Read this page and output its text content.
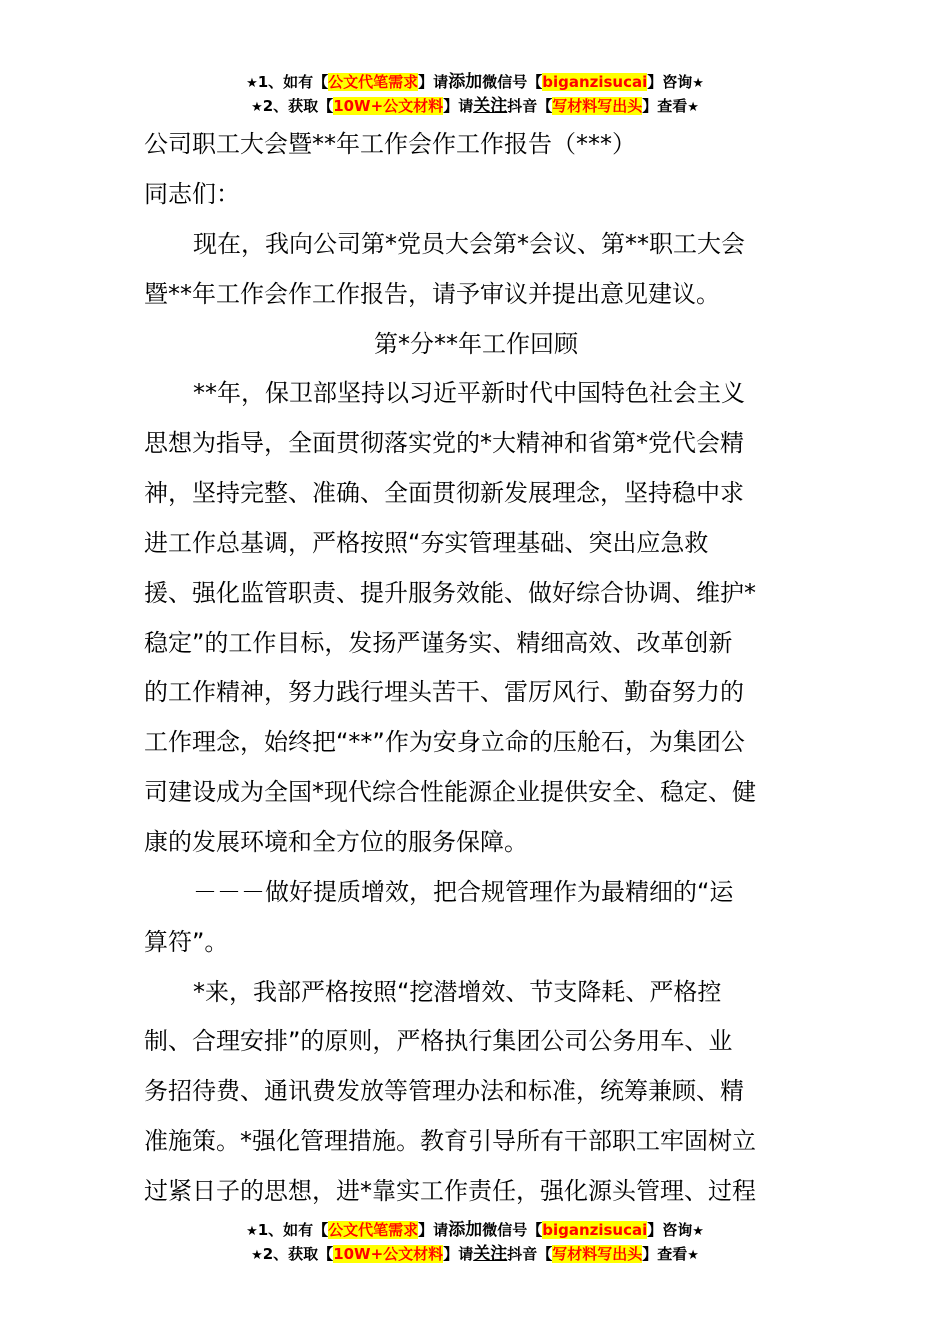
★1、如有【公文代笔需求】请添加微信号【biganzisucai】咨询★
★2、获取【10W+公文材料】请关注抖音【写材料写出头】查看★
公司职工大会暨**年工作会作工作报告（***）
同志们：
现在，我向公司第*党员大会第*会议、第**职工大会
暨**年工作会作工作报告，请予审议并提出意见建议。
第*分**年工作回顾
**年，保卫部坚持以习近平新时代中国特色社会主义
思想为指导，全面贯彻落实党的*大精神和省第*党代会精
神，坚持完整、准确、全面贯彻新发展理念，坚持稳中求
进工作总基调，严格按照“夯实管理基础、突出应急救
援、强化监管职责、提升服务效能、做好综合协调、维护*
稳定”的工作目标，发扬严谨务实、精细高效、改革创新
的工作精神，努力践行埋头苦干、雷厉风行、勤奋努力的
工作理念，始终把“**”作为安身立命的压舱石，为集团公
司建设成为全国*现代综合性能源企业提供安全、稳定、健
康的发展环境和全方位的服务保障。
－－－做好提质增效，把合规管理作为最精细的“运
算符”。
*来，我部严格按照“挖潜增效、节支降耗、严格控
制、合理安排”的原则，严格执行集团公司公务用车、业
务招待费、通讯费发放等管理办法和标准，统筹兼顾、精
准施策。*强化管理措施。教育引导所有干部职工牢固树立
过紧日子的思想，进*靠实工作责任，强化源头管理、过程
★1、如有【公文代笔需求】请添加微信号【biganzisucai】咨询★
★2、获取【10W+公文材料】请关注抖音【写材料写出头】查看★
